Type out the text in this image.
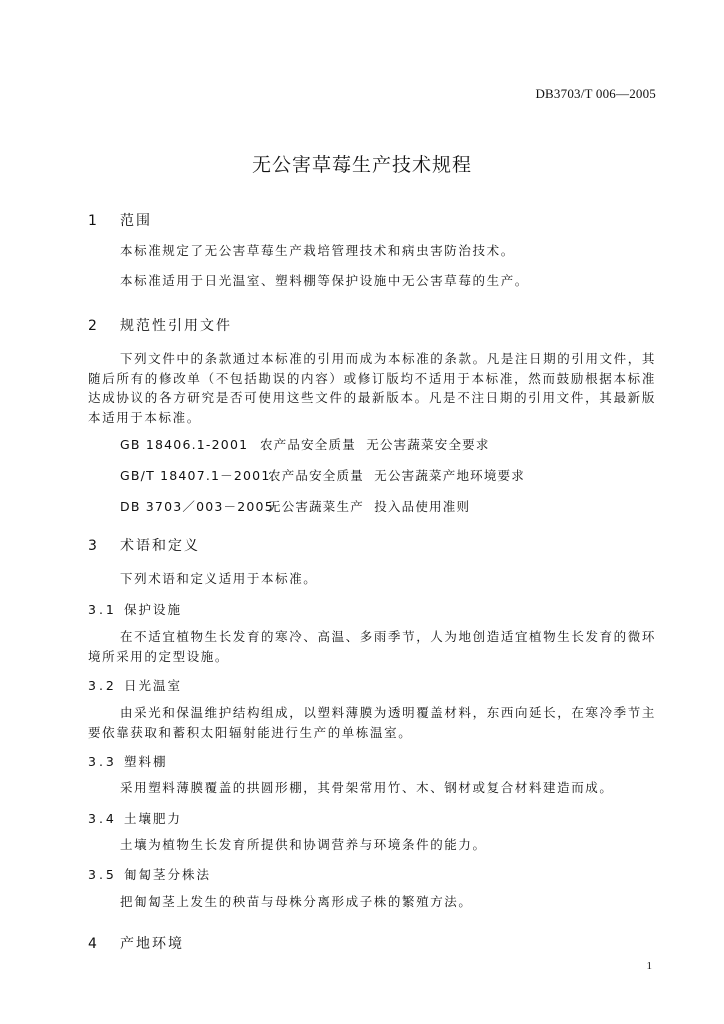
DB3703/T 006—2005
无公害草莓生产技术规程
1 范围
本标准规定了无公害草莓生产栽培管理技术和病虫害防治技术。
本标准适用于日光温室、塑料棚等保护设施中无公害草莓的生产。
2 规范性引用文件
下列文件中的条款通过本标准的引用而成为本标准的条款。凡是注日期的引用文件，其随后所有的修改单（不包括勘误的内容）或修订版均不适用于本标准，然而鼓励根据本标准达成协议的各方研究是否可使用这些文件的最新版本。凡是不注日期的引用文件，其最新版本适用于本标准。
GB 18406.1-2001 农产品安全质量  无公害蔬菜安全要求
GB/T 18407.1－2001农产品安全质量  无公害蔬菜产地环境要求
DB 3703／003－2005无公害蔬菜生产  投入品使用准则
3 术语和定义
下列术语和定义适用于本标准。
3.1 保护设施
在不适宜植物生长发育的寒冷、高温、多雨季节，人为地创造适宜植物生长发育的微环境所采用的定型设施。
3.2 日光温室
由采光和保温维护结构组成，以塑料薄膜为透明覆盖材料，东西向延长，在寒冷季节主要依靠获取和蓄积太阳辐射能进行生产的单栋温室。
3.3 塑料棚
采用塑料薄膜覆盖的拱圆形棚，其骨架常用竹、木、钢材或复合材料建造而成。
3.4 土壤肥力
土壤为植物生长发育所提供和协调营养与环境条件的能力。
3.5 匍匐茎分株法
把匍匐茎上发生的秧苗与母株分离形成子株的繁殖方法。
4 产地环境
1
